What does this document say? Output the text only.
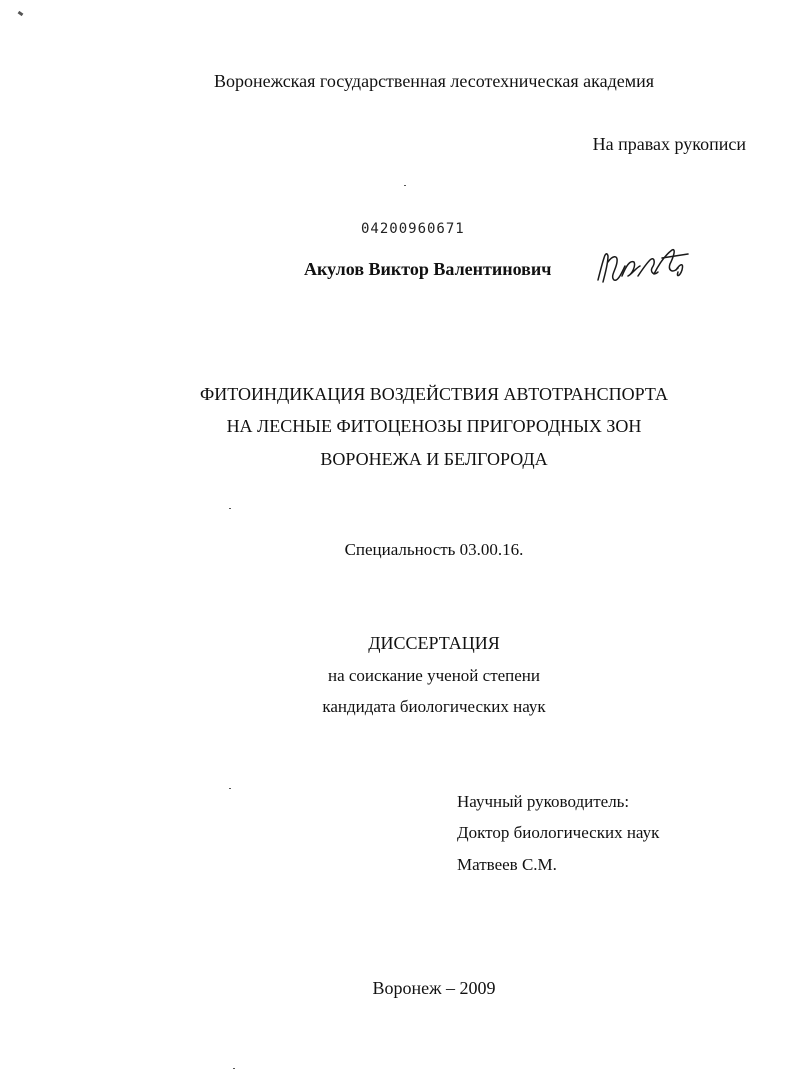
Воронежская государственная лесотехническая академия
На правах рукописи
04200960671
Акулов Виктор Валентинович
ФИТОИНДИКАЦИЯ ВОЗДЕЙСТВИЯ АВТОТРАНСПОРТА
НА ЛЕСНЫЕ ФИТОЦЕНОЗЫ ПРИГОРОДНЫХ ЗОН
ВОРОНЕЖА И БЕЛГОРОДА
Специальность 03.00.16.
ДИССЕРТАЦИЯ
на соискание ученой степени
кандидата биологических наук
Научный руководитель:
Доктор биологических наук
Матвеев С.М.
Воронеж – 2009
